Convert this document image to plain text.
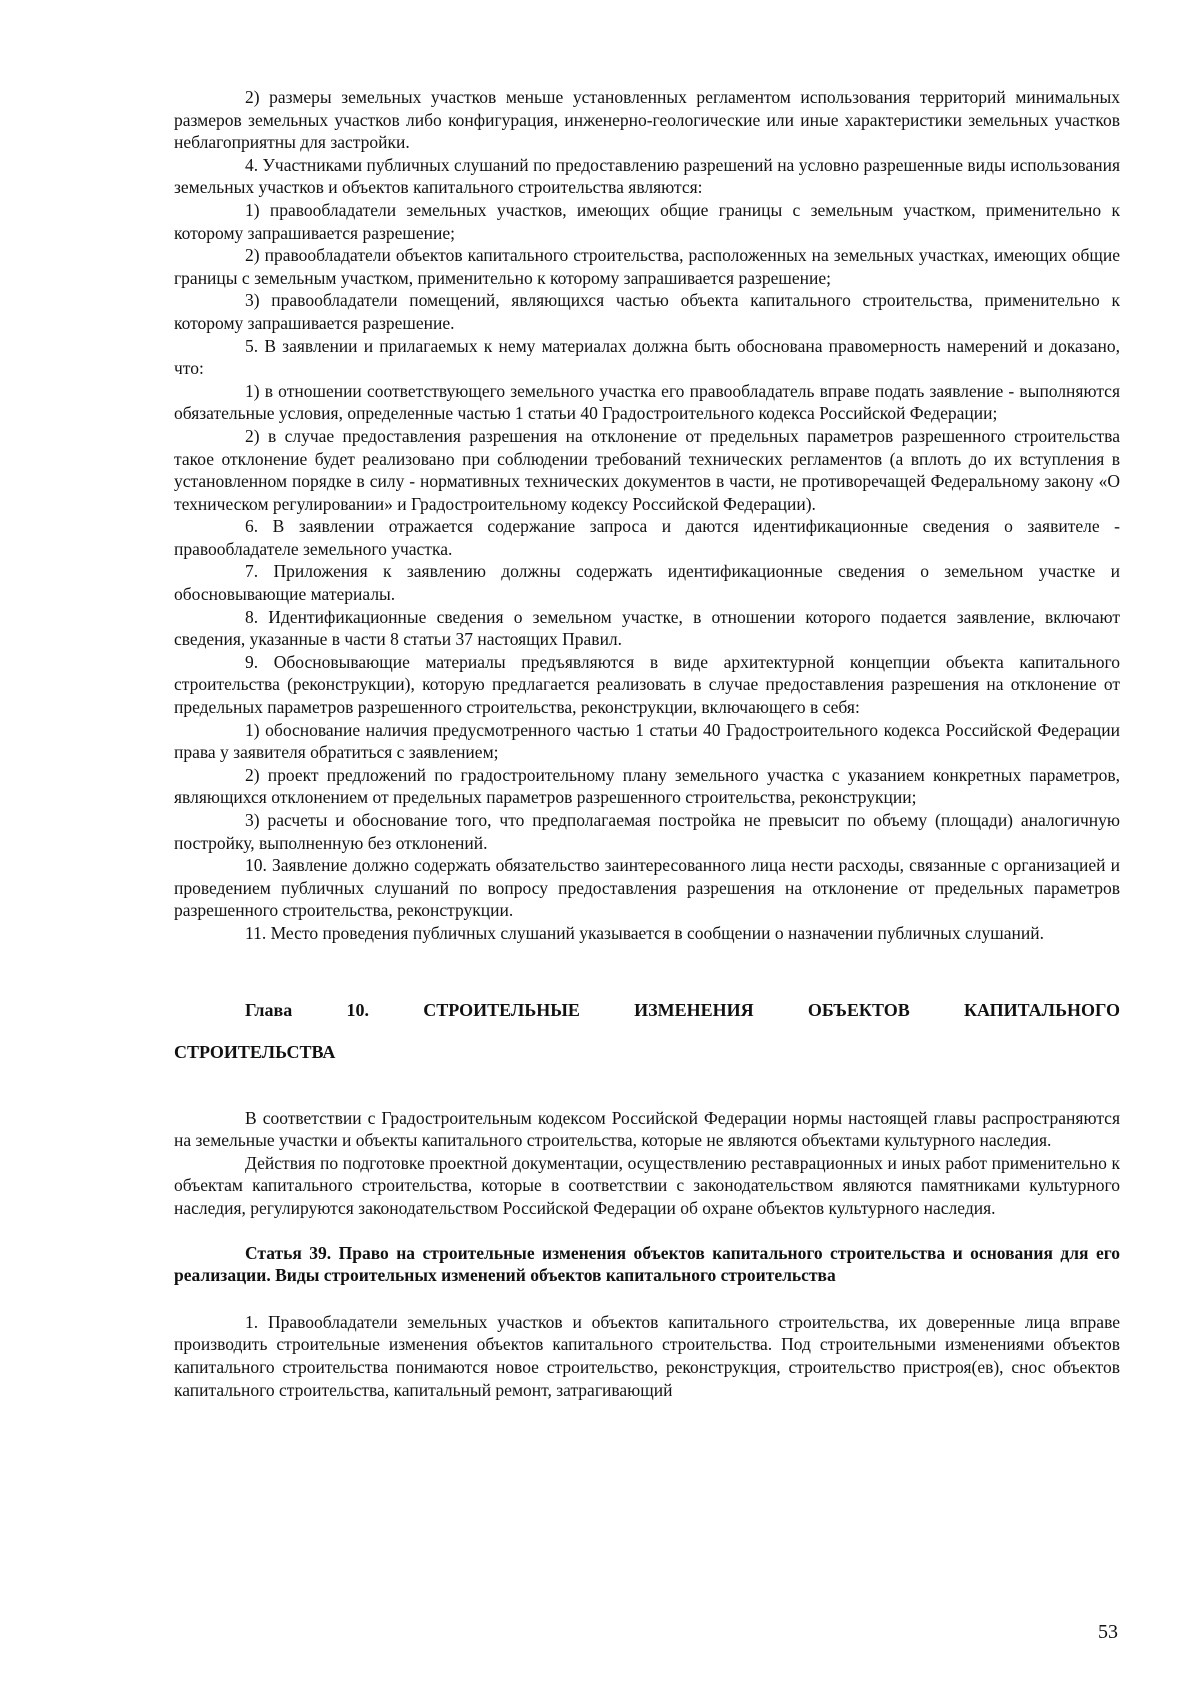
2) размеры земельных участков меньше установленных регламентом использования территорий минимальных размеров земельных участков либо конфигурация, инженерно-геологические или иные характеристики земельных участков неблагоприятны для застройки.

4. Участниками публичных слушаний по предоставлению разрешений на условно разрешенные виды использования земельных участков и объектов капитального строительства являются:

1) правообладатели земельных участков, имеющих общие границы с земельным участком, применительно к которому запрашивается разрешение;

2) правообладатели объектов капитального строительства, расположенных на земельных участках, имеющих общие границы с земельным участком, применительно к которому запрашивается разрешение;

3) правообладатели помещений, являющихся частью объекта капитального строительства, применительно к которому запрашивается разрешение.

5. В заявлении и прилагаемых к нему материалах должна быть обоснована правомерность намерений и доказано, что:

1) в отношении соответствующего земельного участка его правообладатель вправе подать заявление - выполняются обязательные условия, определенные частью 1 статьи 40 Градостроительного кодекса Российской Федерации;

2) в случае предоставления разрешения на отклонение от предельных параметров разрешенного строительства такое отклонение будет реализовано при соблюдении требований технических регламентов (а вплоть до их вступления в установленном порядке в силу - нормативных технических документов в части, не противоречащей Федеральному закону «О техническом регулировании» и Градостроительному кодексу Российской Федерации).

6. В заявлении отражается содержание запроса и даются идентификационные сведения о заявителе - правообладателе земельного участка.

7. Приложения к заявлению должны содержать идентификационные сведения о земельном участке и обосновывающие материалы.

8. Идентификационные сведения о земельном участке, в отношении которого подается заявление, включают сведения, указанные в части 8 статьи 37 настоящих Правил.

9. Обосновывающие материалы предъявляются в виде архитектурной концепции объекта капитального строительства (реконструкции), которую предлагается реализовать в случае предоставления разрешения на отклонение от предельных параметров разрешенного строительства, реконструкции, включающего в себя:

1) обоснование наличия предусмотренного частью 1 статьи 40 Градостроительного кодекса Российской Федерации права у заявителя обратиться с заявлением;

2) проект предложений по градостроительному плану земельного участка с указанием конкретных параметров, являющихся отклонением от предельных параметров разрешенного строительства, реконструкции;

3) расчеты и обоснование того, что предполагаемая постройка не превысит по объему (площади) аналогичную постройку, выполненную без отклонений.

10. Заявление должно содержать обязательство заинтересованного лица нести расходы, связанные с организацией и проведением публичных слушаний по вопросу предоставления разрешения на отклонение от предельных параметров разрешенного строительства, реконструкции.

11. Место проведения публичных слушаний указывается в сообщении о назначении публичных слушаний.

Глава 10. СТРОИТЕЛЬНЫЕ ИЗМЕНЕНИЯ ОБЪЕКТОВ КАПИТАЛЬНОГО СТРОИТЕЛЬСТВА

В соответствии с Градостроительным кодексом Российской Федерации нормы настоящей главы распространяются на земельные участки и объекты капитального строительства, которые не являются объектами культурного наследия.

Действия по подготовке проектной документации, осуществлению реставрационных и иных работ применительно к объектам капитального строительства, которые в соответствии с законодательством являются памятниками культурного наследия, регулируются законодательством Российской Федерации об охране объектов культурного наследия.

Статья 39. Право на строительные изменения объектов капитального строительства и основания для его реализации. Виды строительных изменений объектов капитального строительства

1. Правообладатели земельных участков и объектов капитального строительства, их доверенные лица вправе производить строительные изменения объектов капитального строительства. Под строительными изменениями объектов капитального строительства понимаются новое строительство, реконструкция, строительство пристроя(ев), снос объектов капитального строительства, капитальный ремонт, затрагивающий

53
